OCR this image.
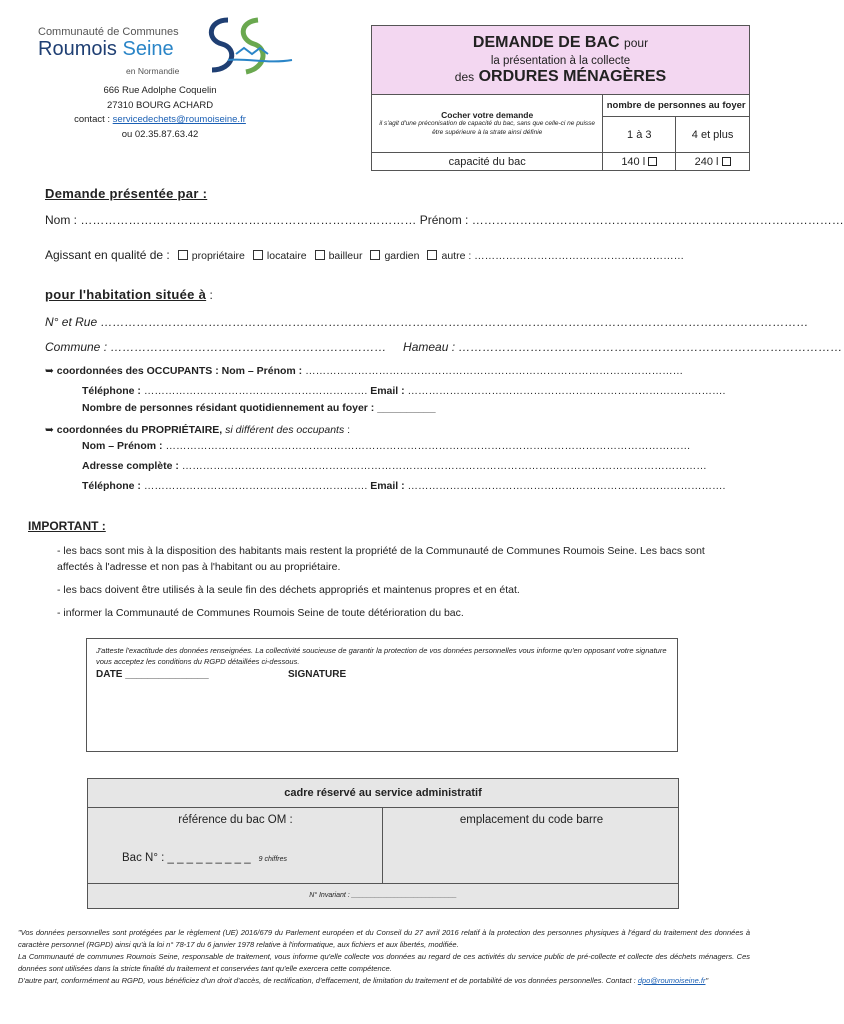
Communauté de Communes
Roumois Seine
en Normandie
666 Rue Adolphe Coquelin
27310 BOURG ACHARD
contact : servicedechets@roumoiseine.fr
ou 02.35.87.63.42
DEMANDE DE BAC pour
la présentation à la collecte
des ORDURES MÉNAGÈRES
Cocher votre demande
il s'agit d'une préconisation de capacité du bac, sans que celle-ci ne puisse être supérieure à la strate ainsi définie	nombre de personnes au foyer	
	1 à 3	4 et plus
capacité du bac	140 l	240 l
Demande présentée par :
Nom : ………………………………………………………………………… Prénom : …………………………………………………………………………………
Agissant en qualité de : propriétaire locataire bailleur gardien autre : ……………………………………………………
pour l'habitation située à :
N° et Rue ……………………………………………………………………………………………………………………………………………………………
Commune : …………………………………………………………… Hameau : ……………………………………………………………………………………
➥ coordonnées des OCCUPANTS : Nom – Prénom : ………………………………………………………………………………………………
Téléphone : ………………………………………………………. Email : ……………………………………………………………………………….
Nombre de personnes résidant quotidiennement au foyer : __________
➥ coordonnées du PROPRIÉTAIRE, si différent des occupants :
Nom – Prénom : ……………………………………………………………………………………………………………………………………
Adresse complète : ……………………………………………………………………………………………………………………………………
Téléphone : ………………………………………………………. Email : ……………………………………………………………………………….
IMPORTANT :
- les bacs sont mis à la disposition des habitants mais restent la propriété de la Communauté de Communes Roumois Seine. Les bacs sont affectés à l'adresse et non pas à l'habitant ou au propriétaire.
- les bacs doivent être utilisés à la seule fin des déchets appropriés et maintenus propres et en état.
- informer la Communauté de Communes Roumois Seine de toute détérioration du bac.
J'atteste l'exactitude des données renseignées. La collectivité soucieuse de garantir la protection de vos données personnelles vous informe qu'en opposant votre signature vous acceptez les conditions du RGPD détaillées ci-dessous.
DATE _______________	SIGNATURE
cadre réservé au service administratif
référence du bac OM :
Bac N° : _ _ _ _ _ _ _ _ _ 9 chiffres
emplacement du code barre
N° Invariant : ___________________________
"Vos données personnelles sont protégées par le règlement (UE) 2016/679 du Parlement européen et du Conseil du 27 avril 2016 relatif à la protection des personnes physiques à l'égard du traitement des données à caractère personnel (RGPD) ainsi qu'à la loi n° 78-17 du 6 janvier 1978 relative à l'informatique, aux fichiers et aux libertés, modifiée.
La Communauté de communes Roumois Seine, responsable de traitement, vous informe qu'elle collecte vos données au regard de ces activités du service public de pré-collecte et collecte des déchets ménagers. Ces données sont utilisées dans la stricte finalité du traitement et conservées tant qu'elle exercera cette compétence.
D'autre part, conformément au RGPD, vous bénéficiez d'un droit d'accès, de rectification, d'effacement, de limitation du traitement et de portabilité de vos données personnelles. Contact : dpo@roumoiseine.fr"
